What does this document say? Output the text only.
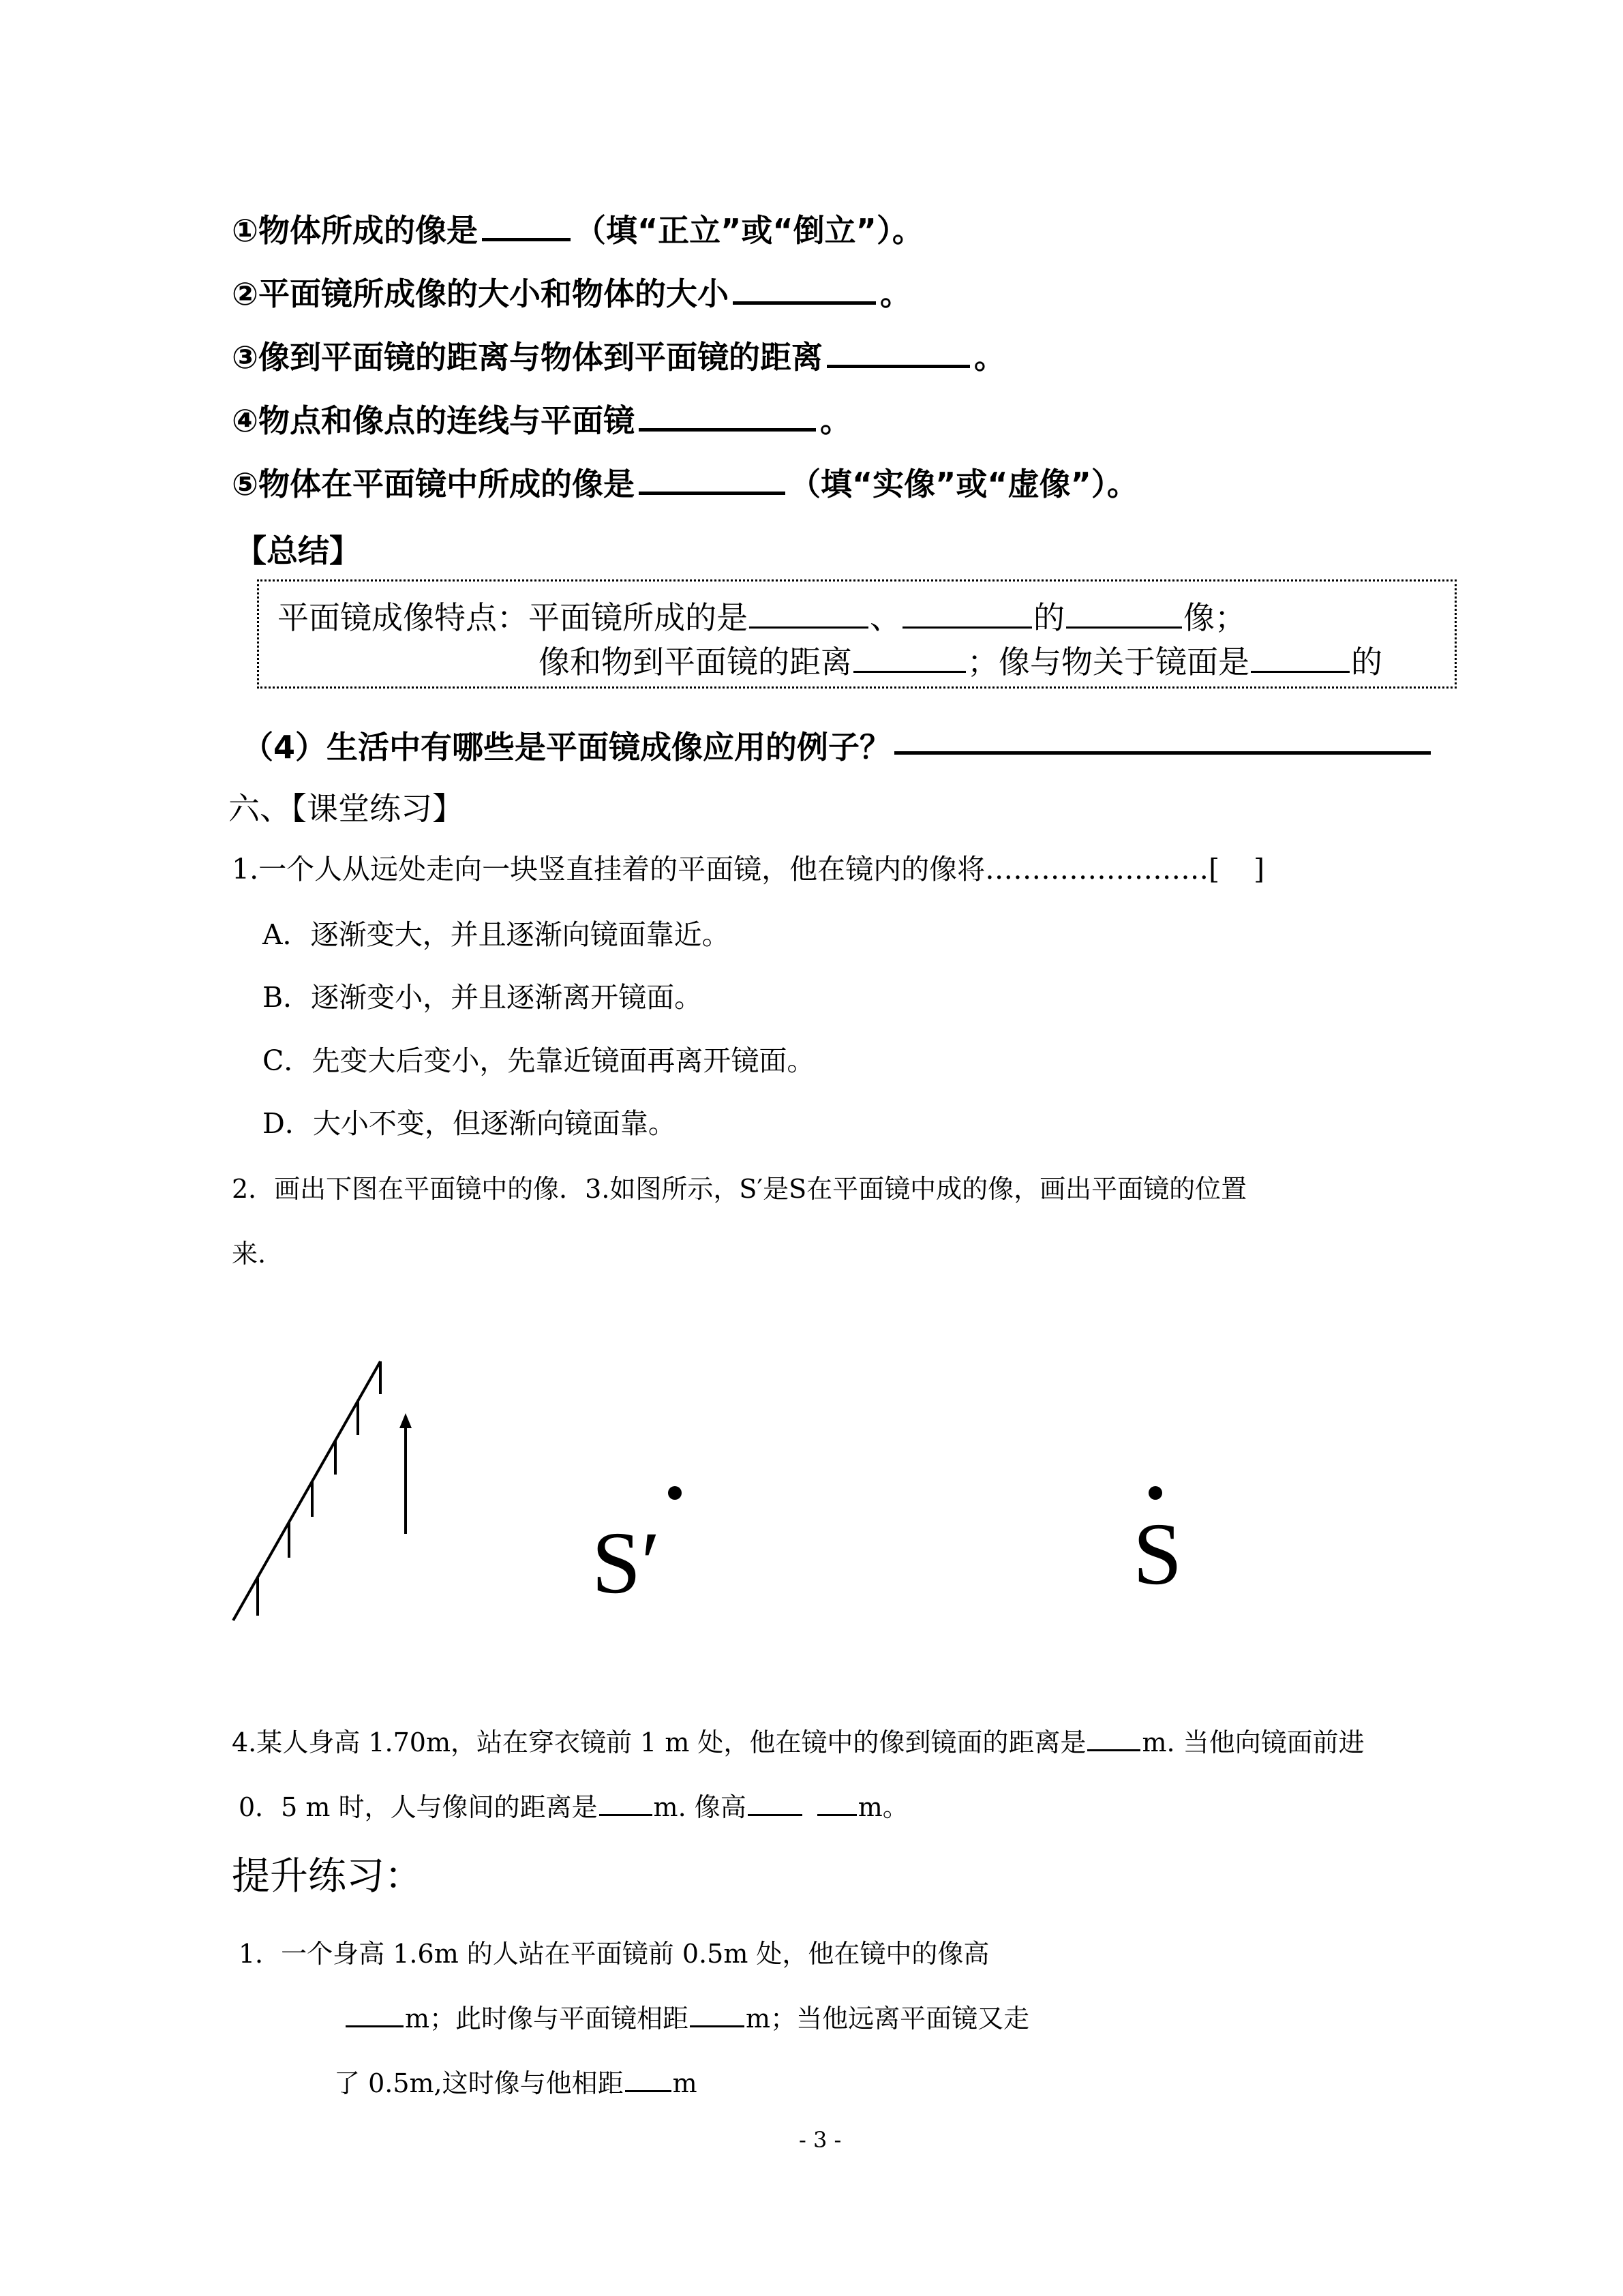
①物体所成的像是	（填“正立”或“倒立”）。
②平面镜所成像的大小和物体的大小	。
③像到平面镜的距离与物体到平面镜的距离	。
④物点和像点的连线与平面镜	。
⑤物体在平面镜中所成的像是	（填“实像”或“虚像”）。
【总结】
平面镜成像特点：平面镜所成的是	、	的	像；
像和物到平面镜的距离	；像与物关于镜面是	的
（4）生活中有哪些是平面镜成像应用的例子？
六、【课堂练习】
1.一个人从远处走向一块竖直挂着的平面镜，他在镜内的像将……………………[ ]
A．逐渐变大，并且逐渐向镜面靠近。
B．逐渐变小，并且逐渐离开镜面。
C．先变大后变小，先靠近镜面再离开镜面。
D．大小不变，但逐渐向镜面靠。
2．画出下图在平面镜中的像．3.如图所示，S′是S在平面镜中成的像，画出平面镜的位置
来.
S′	S
4.某人身高 1.70m，站在穿衣镜前 1 m 处，他在镜中的像到镜面的距离是 m. 当他向镜面前进
0．5 m 时，人与像间的距离是 m. 像高	m。
提升练习：
1．一个身高 1.6m 的人站在平面镜前 0.5m 处，他在镜中的像高
m；此时像与平面镜相距 m；当他远离平面镜又走
了 0.5m,这时像与他相距 m
- 3 -
